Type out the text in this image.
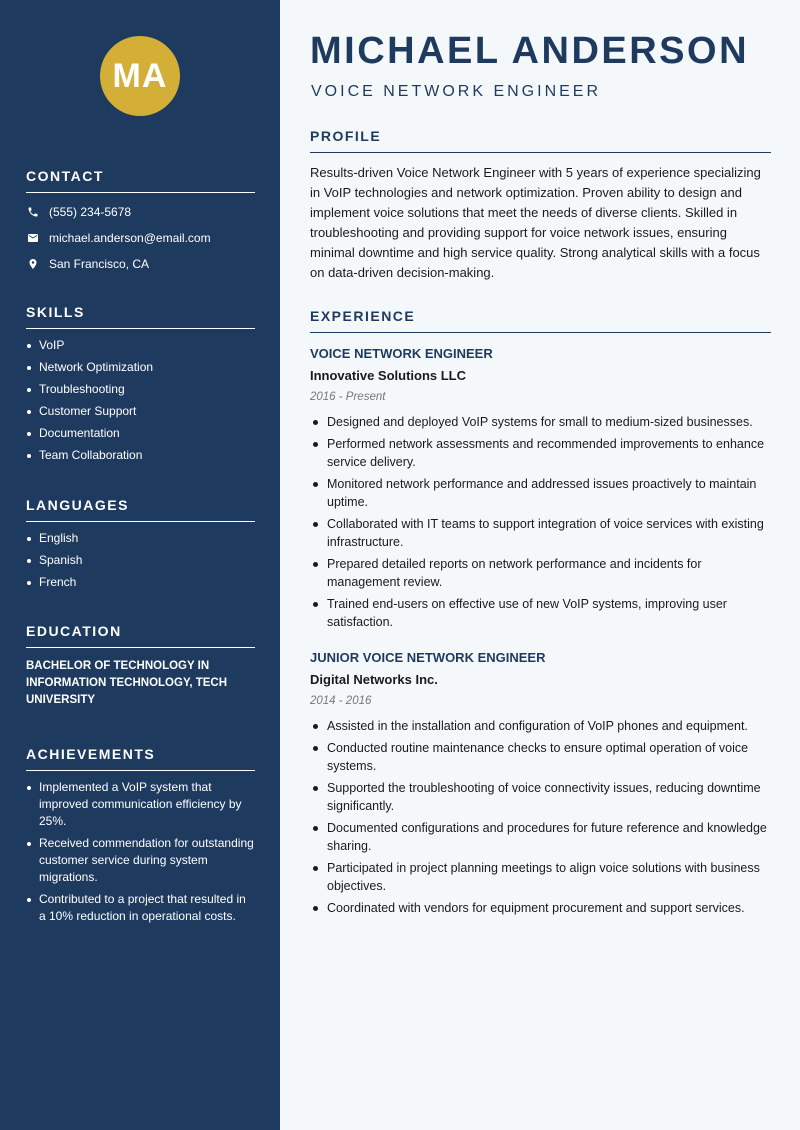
MA
CONTACT
(555) 234-5678
michael.anderson@email.com
San Francisco, CA
SKILLS
VoIP
Network Optimization
Troubleshooting
Customer Support
Documentation
Team Collaboration
LANGUAGES
English
Spanish
French
EDUCATION
BACHELOR OF TECHNOLOGY IN INFORMATION TECHNOLOGY, TECH UNIVERSITY
ACHIEVEMENTS
Implemented a VoIP system that improved communication efficiency by 25%.
Received commendation for outstanding customer service during system migrations.
Contributed to a project that resulted in a 10% reduction in operational costs.
MICHAEL ANDERSON
VOICE NETWORK ENGINEER
PROFILE

Results-driven Voice Network Engineer with 5 years of experience specializing in VoIP technologies and network optimization. Proven ability to design and implement voice solutions that meet the needs of diverse clients. Skilled in troubleshooting and providing support for voice network issues, ensuring minimal downtime and high service quality. Strong analytical skills with a focus on data-driven decision-making.

EXPERIENCE
VOICE NETWORK ENGINEER
Innovative Solutions LLC
2016 - Present
Designed and deployed VoIP systems for small to medium-sized businesses.
Performed network assessments and recommended improvements to enhance service delivery.
Monitored network performance and addressed issues proactively to maintain uptime.
Collaborated with IT teams to support integration of voice services with existing infrastructure.
Prepared detailed reports on network performance and incidents for management review.
Trained end-users on effective use of new VoIP systems, improving user satisfaction.
JUNIOR VOICE NETWORK ENGINEER
Digital Networks Inc.
2014 - 2016
Assisted in the installation and configuration of VoIP phones and equipment.
Conducted routine maintenance checks to ensure optimal operation of voice systems.
Supported the troubleshooting of voice connectivity issues, reducing downtime significantly.
Documented configurations and procedures for future reference and knowledge sharing.
Participated in project planning meetings to align voice solutions with business objectives.
Coordinated with vendors for equipment procurement and support services.
